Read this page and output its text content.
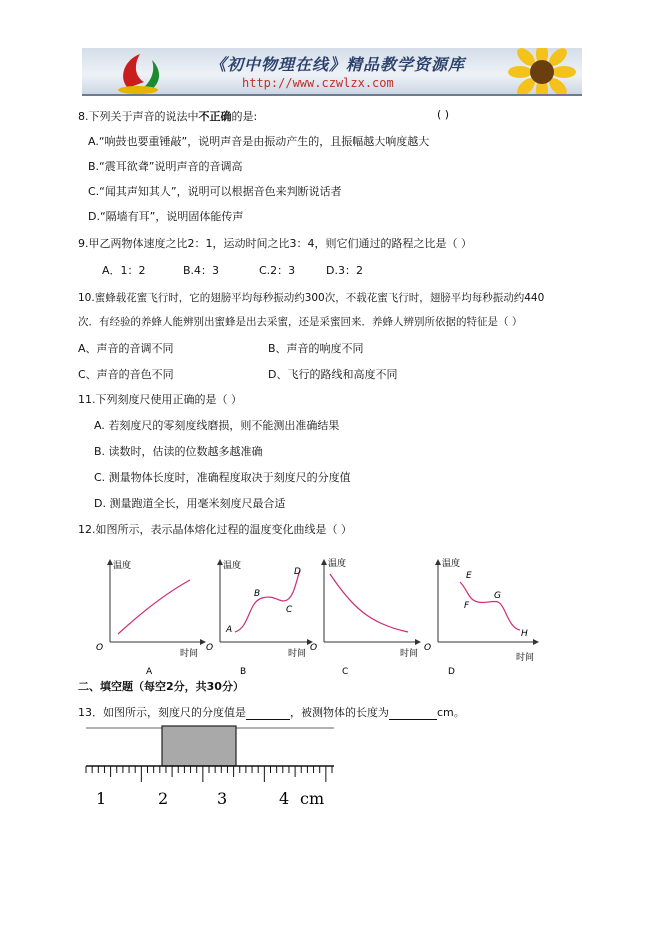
《初中物理在线》精品教学资源库
http://www.czwlzx.com
8.下列关于声音的说法中不正确的是:	( )
A.“响鼓也要重锤敲”，说明声音是由振动产生的，且振幅越大响度越大
B.“震耳欲聋”说明声音的音调高
C.“闻其声知其人”，说明可以根据音色来判断说话者
D.“隔墙有耳”，说明固体能传声
9.甲乙两物体速度之比2：1，运动时间之比3：4，则它们通过的路程之比是（ ）
A．1：2	B.4：3	C.2：3	D.3：2
10.蜜蜂载花蜜飞行时，它的翅膀平均每秒振动约300次，不载花蜜飞行时，翅膀平均每秒振动约440
次．有经验的养蜂人能辨别出蜜蜂是出去采蜜，还是采蜜回来．养蜂人辨别所依据的特征是（ ）
A、声音的音调不同	B、声音的响度不同
C、声音的音色不同	D、飞行的路线和高度不同
11.下列刻度尺使用正确的是（ ）
A. 若刻度尺的零刻度线磨损，则不能测出准确结果
B. 读数时，估读的位数越多越准确
C. 测量物体长度时，准确程度取决于刻度尺的分度值
D. 测量跑道全长，用毫米刻度尺最合适
12.如图所示，表示晶体熔化过程的温度变化曲线是（ ）
温度
时间
O
A
温度
时间
O
A
B
C
D
B
温度
时间
O
C
温度
时间
O
E
F
G
H
D
二、填空题（每空2分，共30分）
13．如图所示，刻度尺的分度值是	，被测物体的长度为	cm。
1	2	3	4 cm
